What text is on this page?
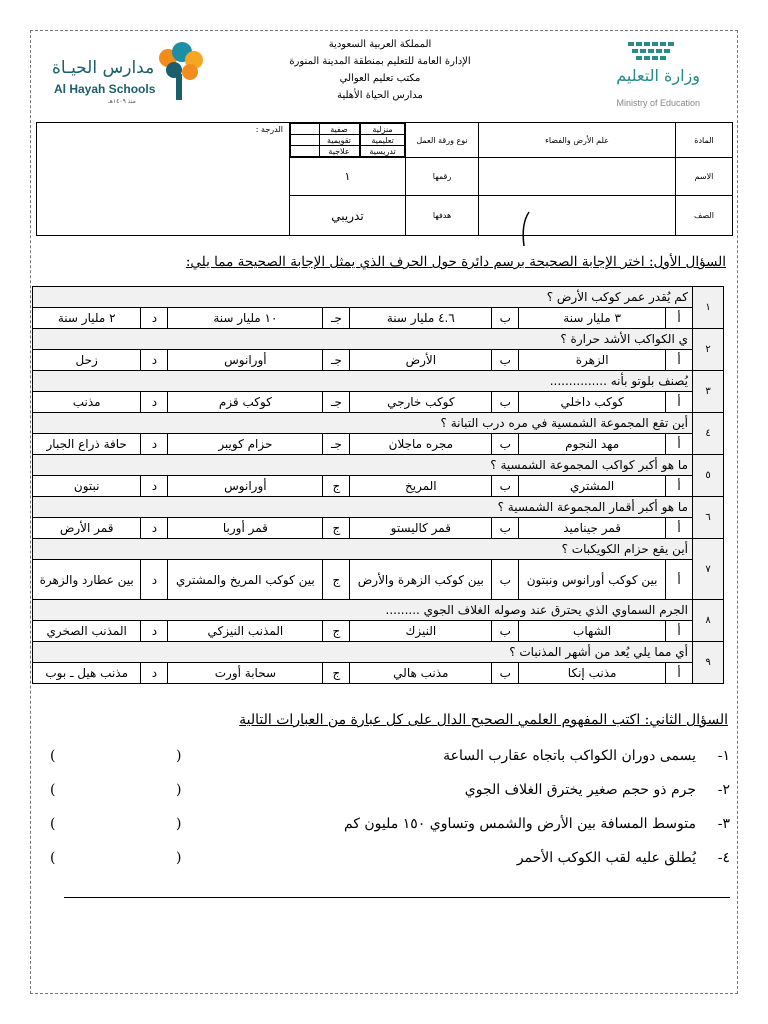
مدارس الحيـاة
Al Hayah Schools
منذ ١٤٠٩هـ
المملكة العربية السعودية
الإدارة العامة للتعليم بمنطقة المدينة المنورة
مكتب تعليم العوالي
مدارس الحياة الأهلية
وزارة التعليم
Ministry of Education
الدرجة :	
		صفية		منزلية
	تقويمية		تعليمية
	علاجية		تدريسية
	نوع ورقة العمل	علم الأرض والفضاء	المادة
١	رقمها		الاسم
تدريبي	هدفها		الصف
السؤال الأول: اختر الإجابة الصحيحة برسم دائرة حول الحرف الذي يمثل الإجابة الصحيحة مما يلي:
١	كم يُقدر عمر كوكب الأرض ؟							
	أ	٣ مليار سنة	ب	٤.٦ مليار سنة	جـ	١٠ مليار سنة	د	٢ مليار سنة
٢	ي الكواكب الأشد حرارة ؟							
	أ	الزهرة	ب	الأرض	جـ	أورانوس	د	زحل
٣	يُصنف بلوتو بأنه ...............							
	أ	كوكب داخلي	ب	كوكب خارجي	جـ	كوكب قزم	د	مذنب
٤	أين تقع المجموعة الشمسية في مره درب التبانة ؟							
	أ	مهد النجوم	ب	مجره ماجلان	جـ	حزام كويبر	د	حافة ذراع الجبار
٥	ما هو أكبر كواكب المجموعة الشمسية ؟							
	أ	المشتري	ب	المريخ	ج	أورانوس	د	نبتون
٦	ما هو أكبر أقمار المجموعة الشمسية ؟							
	أ	قمر جيناميد	ب	قمر كاليستو	ج	قمر أوربا	د	قمر الأرض
٧	أين يقع حزام الكويكبات ؟							
	أ	بين كوكب أورانوس ونبتون	ب	بين كوكب الزهرة والأرض	ج	بين كوكب المريخ والمشتري	د	بين عطارد والزهرة
٨	الجرم السماوي الذي يحترق عند وصوله الغلاف الجوي .........							
	أ	الشهاب	ب	النيزك	ج	المذنب النيزكي	د	المذنب الصخري
٩	أي مما يلي يُعد من أشهر المذنبات ؟							
	أ	مذنب إنكا	ب	مذنب هالي	ج	سحابة أورت	د	مذنب هيل ـ بوب
السؤال الثاني: اكتب المفهوم العلمي الصحيح الدال على كل عبارة من العبارات التالية
١-
يسمى دوران الكواكب باتجاه عقارب الساعة
(
)
٢-
جرم ذو حجم صغير يخترق الغلاف الجوي
(
)
٣-
متوسط المسافة بين الأرض والشمس وتساوي ١٥٠ مليون كم
(
)
٤-
يُطلق عليه لقب الكوكب الأحمر
(
)
